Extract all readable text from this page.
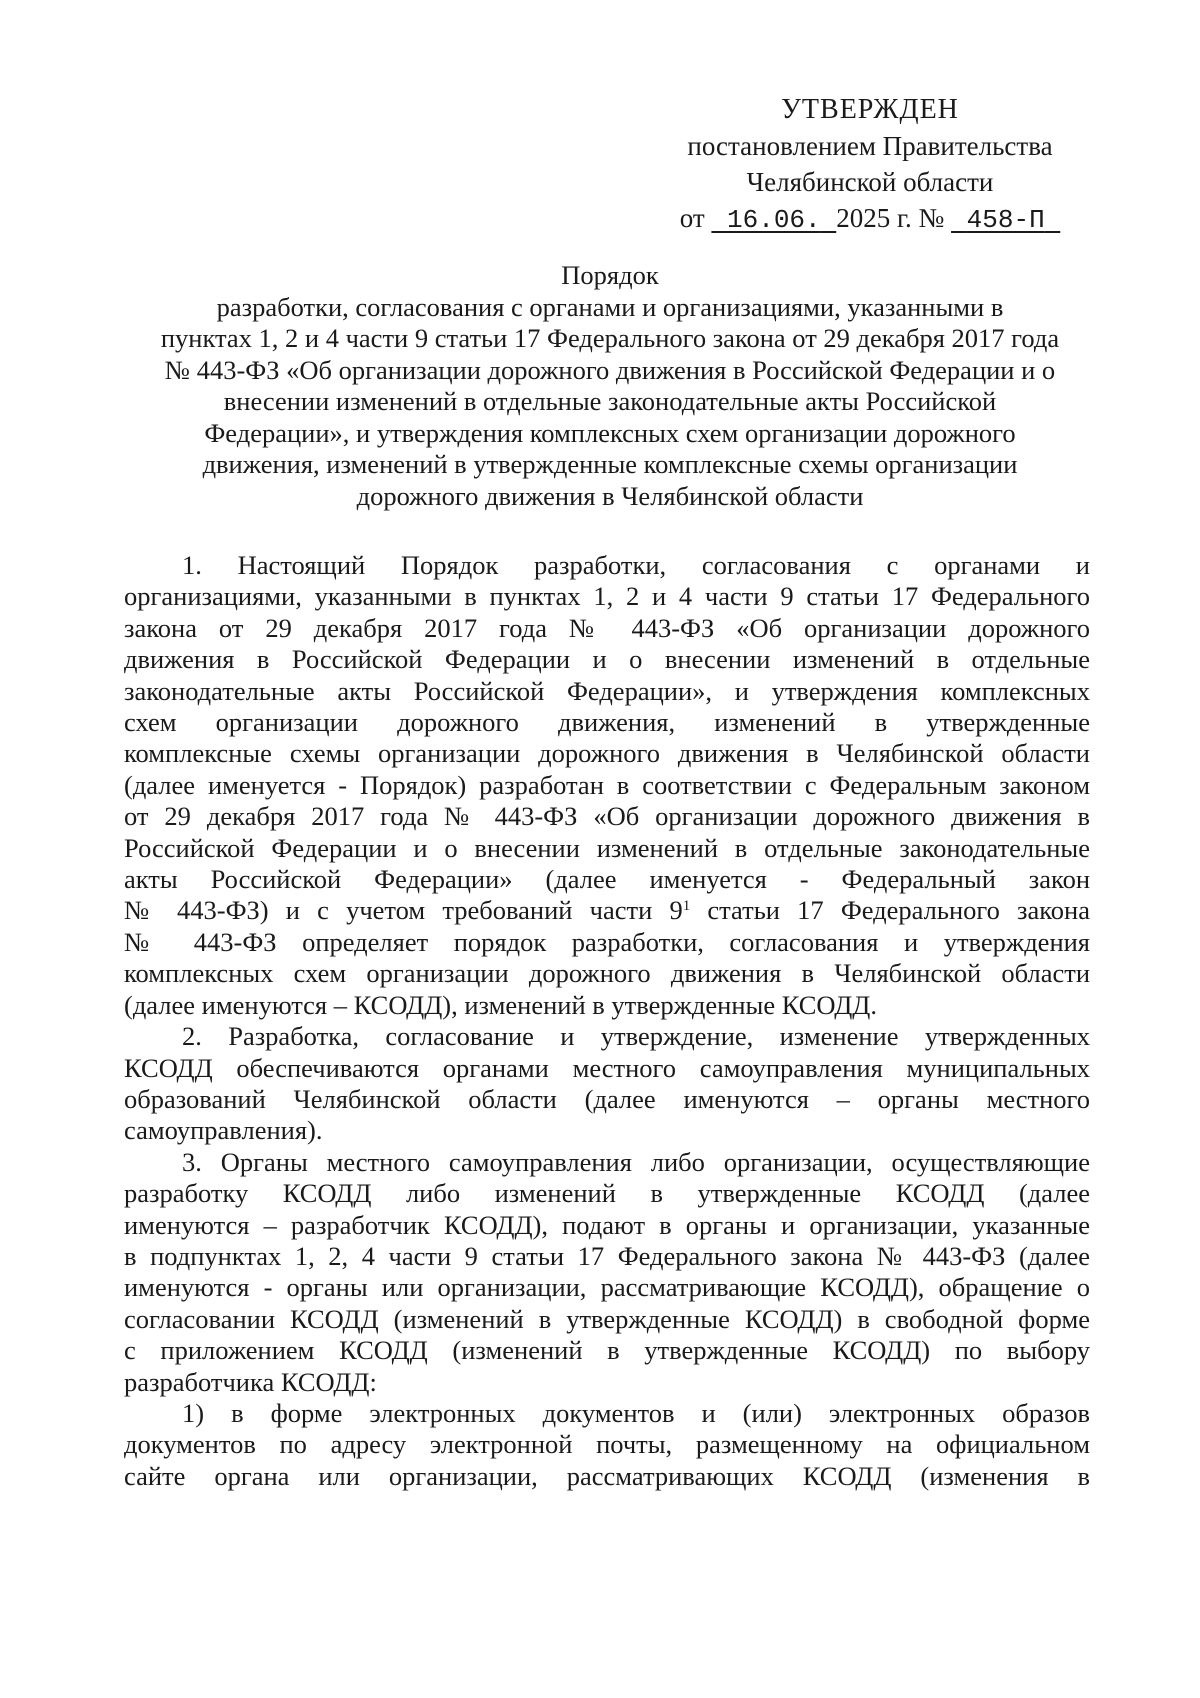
УТВЕРЖДЕН
постановлением Правительства
Челябинской области
от 16.06. 2025 г. № 458-П
Порядок
разработки, согласования с органами и организациями, указанными в
пунктах 1, 2 и 4 части 9 статьи 17 Федерального закона от 29 декабря 2017 года
№ 443-ФЗ «Об организации дорожного движения в Российской Федерации и о
внесении изменений в отдельные законодательные акты Российской
Федерации», и утверждения комплексных схем организации дорожного
движения, изменений в утвержденные комплексные схемы организации
дорожного движения в Челябинской области
1. Настоящий Порядок разработки, согласования с органами и
организациями, указанными в пунктах 1, 2 и 4 части 9 статьи 17 Федерального
закона от 29 декабря 2017 года № 443-ФЗ «Об организации дорожного
движения в Российской Федерации и о внесении изменений в отдельные
законодательные акты Российской Федерации», и утверждения комплексных
схем организации дорожного движения, изменений в утвержденные
комплексные схемы организации дорожного движения в Челябинской области
(далее именуется - Порядок) разработан в соответствии с Федеральным законом
от 29 декабря 2017 года № 443-ФЗ «Об организации дорожного движения в
Российской Федерации и о внесении изменений в отдельные законодательные
акты Российской Федерации» (далее именуется - Федеральный закон
№ 443-ФЗ) и с учетом требований части $9^1$ статьи 17 Федерального закона
№ 443-ФЗ определяет порядок разработки, согласования и утверждения
комплексных схем организации дорожного движения в Челябинской области
(далее именуются – КСОДД), изменений в утвержденные КСОДД.
2. Разработка, согласование и утверждение, изменение утвержденных
КСОДД обеспечиваются органами местного самоуправления муниципальных
образований Челябинской области (далее именуются – органы местного
самоуправления).
3. Органы местного самоуправления либо организации, осуществляющие
разработку КСОДД либо изменений в утвержденные КСОДД (далее
именуются – разработчик КСОДД), подают в органы и организации, указанные
в подпунктах 1, 2, 4 части 9 статьи 17 Федерального закона № 443-ФЗ (далее
именуются - органы или организации, рассматривающие КСОДД), обращение о
согласовании КСОДД (изменений в утвержденные КСОДД) в свободной форме
с приложением КСОДД (изменений в утвержденные КСОДД) по выбору
разработчика КСОДД:
1) в форме электронных документов и (или) электронных образов
документов по адресу электронной почты, размещенному на официальном
сайте органа или организации, рассматривающих КСОДД (изменения в
